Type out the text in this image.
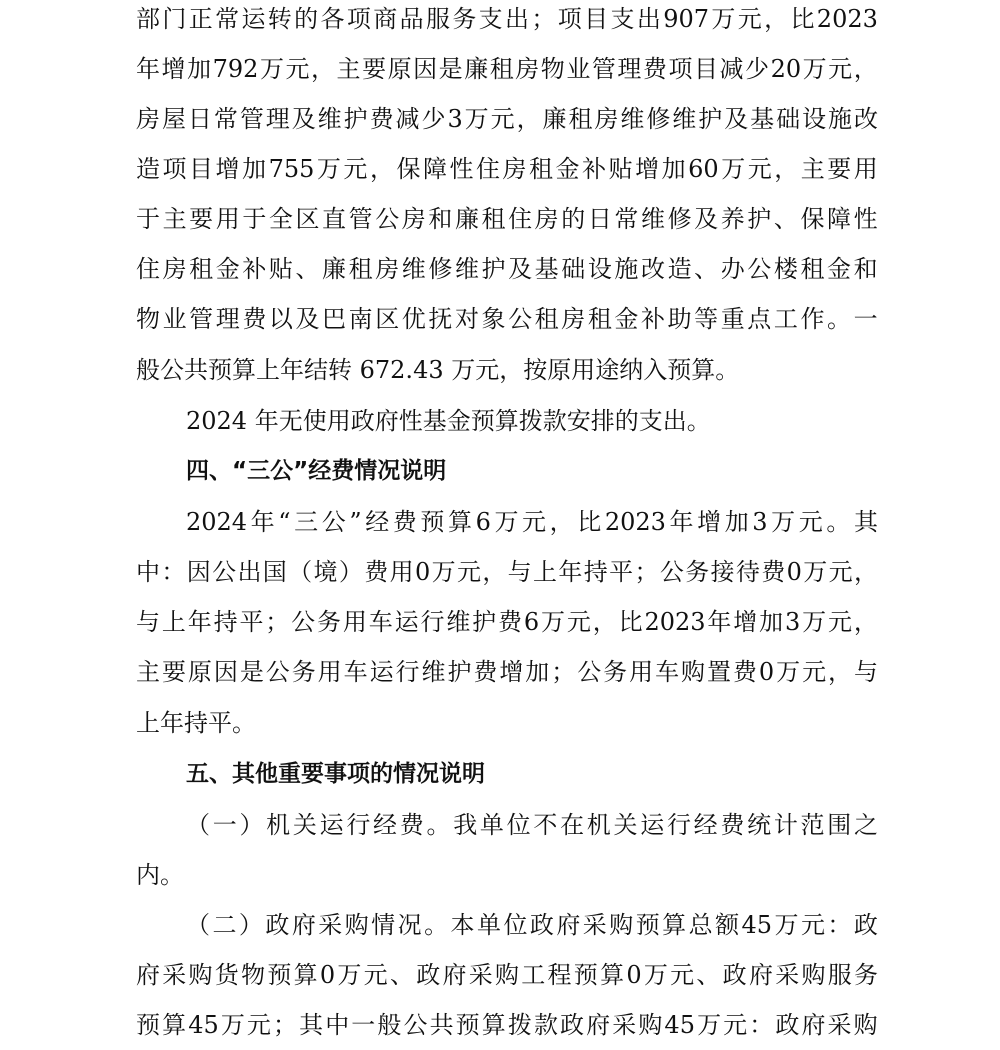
部 门 正 常 运 转 的 各 项 商 品 服 务 支 出 ； 项 目 支 出 907 万 元 ， 比 2023
年 增 加 792 万 元 ， 主 要 原 因 是 廉 租 房 物 业 管 理 费 项 目 减 少 20 万 元 ，
房 屋 日 常 管 理 及 维 护 费 减 少 3 万 元 ， 廉 租 房 维 修 维 护 及 基 础 设 施 改
造 项 目 增 加 755 万 元 ， 保 障 性 住 房 租 金 补 贴 增 加 60 万 元 ， 主 要 用
于 主 要 用 于 全 区 直 管 公 房 和 廉 租 住 房 的 日 常 维 修 及 养 护 、 保 障 性
住 房 租 金 补 贴 、 廉 租 房 维 修 维 护 及 基 础 设 施 改 造 、 办 公 楼 租 金 和
物 业 管 理 费 以 及 巴 南 区 优 抚 对 象 公 租 房 租 金 补 助 等 重 点 工 作 。 一
般公共预算上年结转 672.43 万元，按原用途纳入预算。
2024 年无使用政府性基金预算拨款安排的支出。
四、“三公”经费情况说明
2024 年 “ 三 公 ” 经 费 预 算 6 万 元 ， 比 2023 年 增 加 3 万 元 。 其
中 ： 因 公 出 国 （ 境 ） 费 用 0 万 元 ， 与 上 年 持 平 ； 公 务 接 待 费 0 万 元 ，
与 上 年 持 平 ； 公 务 用 车 运 行 维 护 费 6 万 元 ， 比 2023 年 增 加 3 万 元 ，
主 要 原 因 是 公 务 用 车 运 行 维 护 费 增 加 ； 公 务 用 车 购 置 费 0 万 元 ， 与
上年持平。
五、其他重要事项的情况说明
（ 一 ） 机 关 运 行 经 费 。 我 单 位 不 在 机 关 运 行 经 费 统 计 范 围 之
内。
（ 二 ） 政 府 采 购 情 况 。 本 单 位 政 府 采 购 预 算 总 额 45 万 元 ： 政
府 采 购 货 物 预 算 0 万 元 、 政 府 采 购 工 程 预 算 0 万 元 、 政 府 采 购 服 务
预 算 45 万 元 ； 其 中 一 般 公 共 预 算 拨 款 政 府 采 购 45 万 元 ： 政 府 采 购
